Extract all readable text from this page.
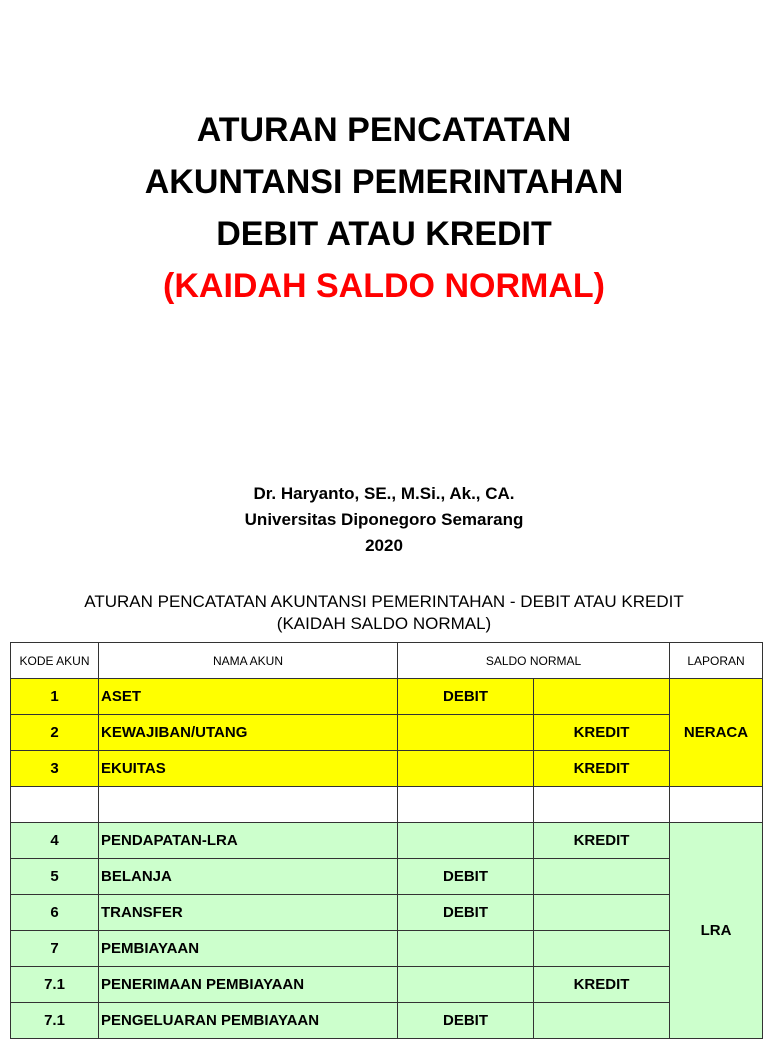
ATURAN PENCATATAN
AKUNTANSI PEMERINTAHAN
DEBIT ATAU KREDIT
(KAIDAH SALDO NORMAL)
Dr. Haryanto, SE., M.Si., Ak., CA.
Universitas Diponegoro Semarang
2020
ATURAN PENCATATAN AKUNTANSI PEMERINTAHAN - DEBIT ATAU KREDIT
(KAIDAH SALDO NORMAL)
KODE AKUN	NAMA AKUN	SALDO NORMAL		LAPORAN
1	ASET	DEBIT		NERACA
2	KEWAJIBAN/UTANG		KREDIT	
3	EKUITAS		KREDIT	

4	PENDAPATAN-LRA		KREDIT	LRA
5	BELANJA	DEBIT		
6	TRANSFER	DEBIT		
7	PEMBIAYAAN			
7.1	PENERIMAAN PEMBIAYAAN		KREDIT	
7.1	PENGELUARAN PEMBIAYAAN	DEBIT		
